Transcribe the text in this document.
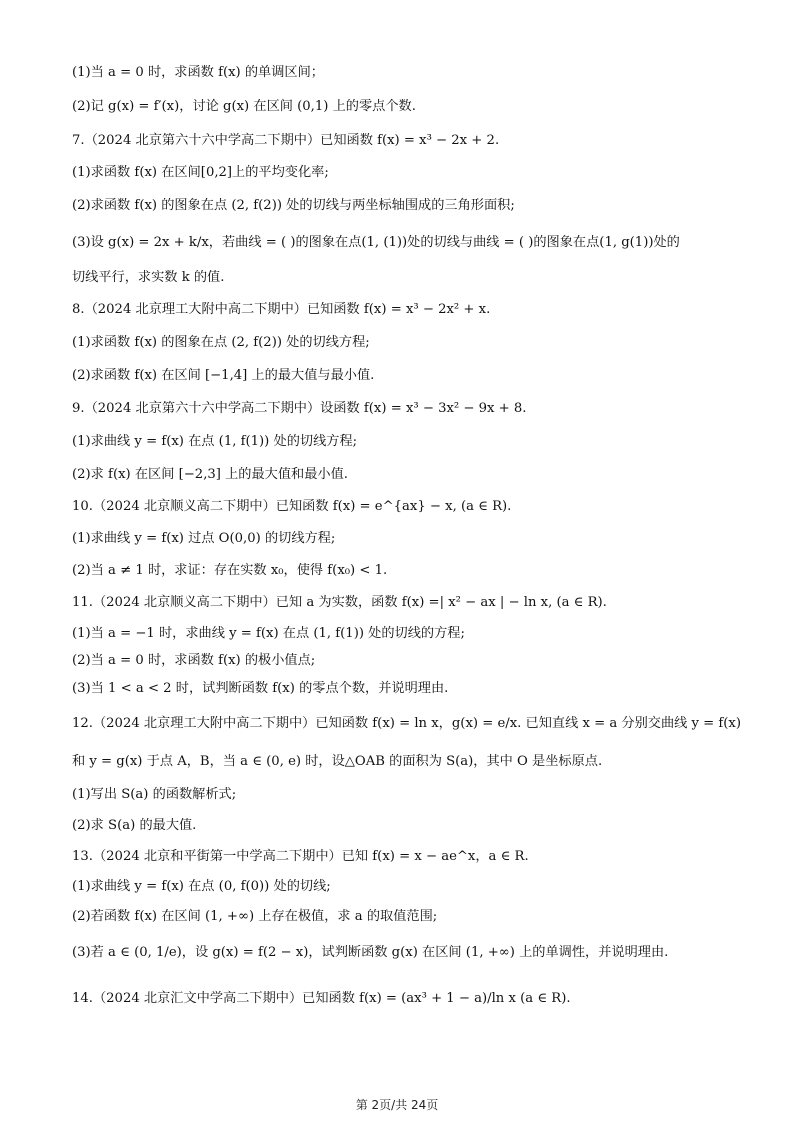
(1)当 a = 0 时，求函数 f(x) 的单调区间；
(2)记 g(x) = f′(x)，讨论 g(x) 在区间 (0,1) 上的零点个数.
7.（2024 北京第六十六中学高二下期中）已知函数 f(x) = x³ − 2x + 2.
(1)求函数 f(x) 在区间[0,2]上的平均变化率;
(2)求函数 f(x) 的图象在点 (2, f(2)) 处的切线与两坐标轴围成的三角形面积;
(3)设 g(x) = 2x + k/x，若曲线 = ( )的图象在点(1, (1))处的切线与曲线 = ( )的图象在点(1, g(1))处的
切线平行，求实数 k 的值.
8.（2024 北京理工大附中高二下期中）已知函数 f(x) = x³ − 2x² + x.
(1)求函数 f(x) 的图象在点 (2, f(2)) 处的切线方程;
(2)求函数 f(x) 在区间 [−1,4] 上的最大值与最小值.
9.（2024 北京第六十六中学高二下期中）设函数 f(x) = x³ − 3x² − 9x + 8.
(1)求曲线 y = f(x) 在点 (1, f(1)) 处的切线方程;
(2)求 f(x) 在区间 [−2,3] 上的最大值和最小值.
10.（2024 北京顺义高二下期中）已知函数 f(x) = e^{ax} − x, (a ∈ R).
(1)求曲线 y = f(x) 过点 O(0,0) 的切线方程;
(2)当 a ≠ 1 时，求证：存在实数 x₀，使得 f(x₀) < 1.
11.（2024 北京顺义高二下期中）已知 a 为实数，函数 f(x) =| x² − ax | − ln x, (a ∈ R).
(1)当 a = −1 时，求曲线 y = f(x) 在点 (1, f(1)) 处的切线的方程;
(2)当 a = 0 时，求函数 f(x) 的极小值点;
(3)当 1 < a < 2 时，试判断函数 f(x) 的零点个数，并说明理由.
12.（2024 北京理工大附中高二下期中）已知函数 f(x) = ln x，g(x) = e/x. 已知直线 x = a 分别交曲线 y = f(x)
和 y = g(x) 于点 A，B，当 a ∈ (0, e) 时，设△OAB 的面积为 S(a)，其中 O 是坐标原点.
(1)写出 S(a) 的函数解析式;
(2)求 S(a) 的最大值.
13.（2024 北京和平街第一中学高二下期中）已知 f(x) = x − ae^x，a ∈ R.
(1)求曲线 y = f(x) 在点 (0, f(0)) 处的切线;
(2)若函数 f(x) 在区间 (1, +∞) 上存在极值，求 a 的取值范围;
(3)若 a ∈ (0, 1/e)，设 g(x) = f(2 − x)，试判断函数 g(x) 在区间 (1, +∞) 上的单调性，并说明理由.
14.（2024 北京汇文中学高二下期中）已知函数 f(x) = (ax³ + 1 − a)/ln x (a ∈ R).
第 2页/共 24页
